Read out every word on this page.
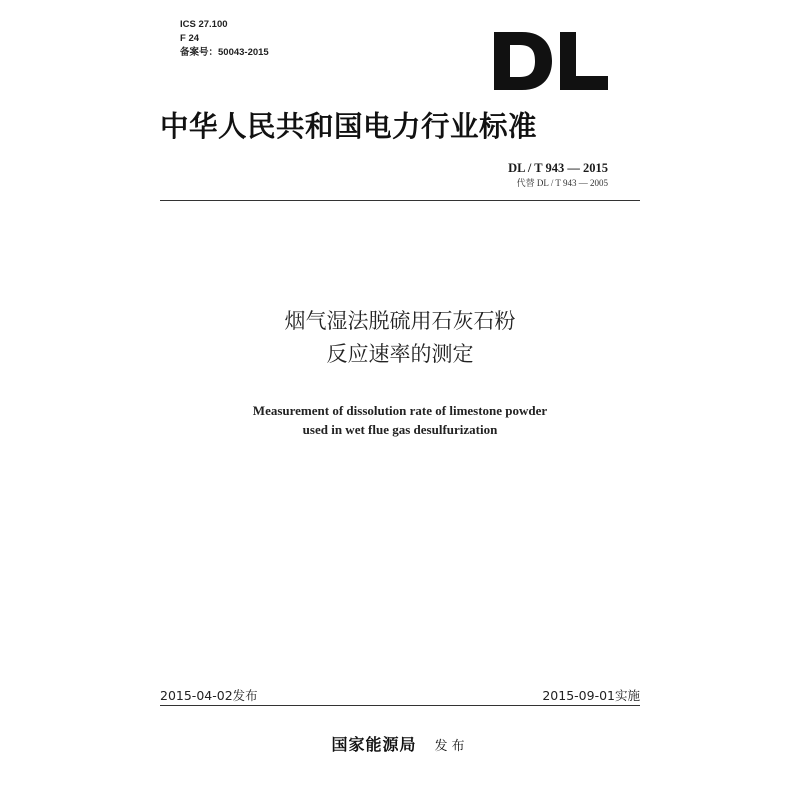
ICS 27.100
F 24
备案号：50043-2015
中华人民共和国电力行业标准
DL / T 943 — 2015
代替 DL / T 943 — 2005
烟气湿法脱硫用石灰石粉
反应速率的测定
Measurement of dissolution rate of limestone powder
used in wet flue gas desulfurization
2015-04-02发布	2015-09-01实施
国家能源局 发布
